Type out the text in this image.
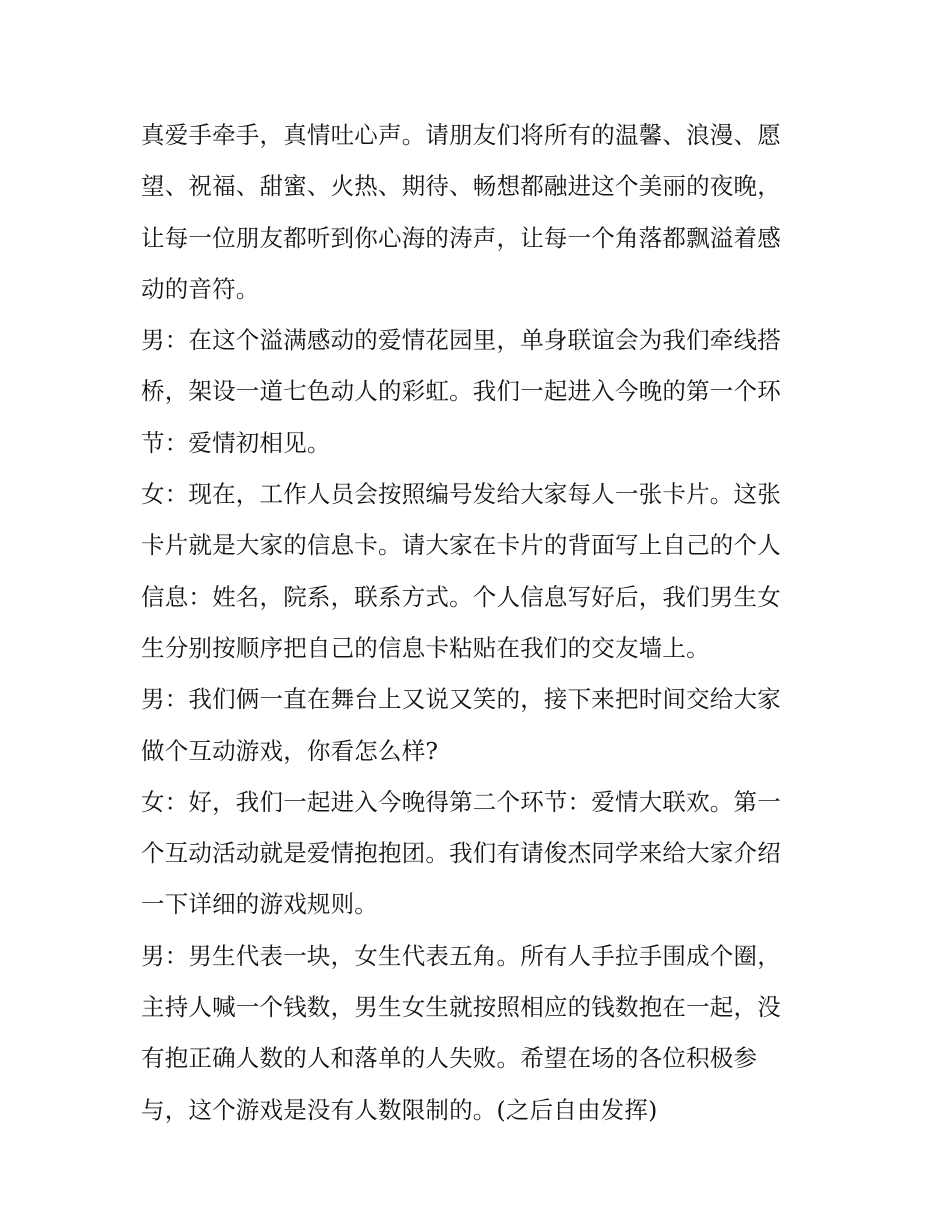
真爱手牵手，真情吐心声。请朋友们将所有的温馨、浪漫、愿
望、祝福、甜蜜、火热、期待、畅想都融进这个美丽的夜晚，
让每一位朋友都听到你心海的涛声，让每一个角落都飘溢着感
动的音符。
男：在这个溢满感动的爱情花园里，单身联谊会为我们牵线搭
桥，架设一道七色动人的彩虹。我们一起进入今晚的第一个环
节：爱情初相见。
女：现在，工作人员会按照编号发给大家每人一张卡片。这张
卡片就是大家的信息卡。请大家在卡片的背面写上自己的个人
信息：姓名，院系，联系方式。个人信息写好后，我们男生女
生分别按顺序把自己的信息卡粘贴在我们的交友墙上。
男：我们俩一直在舞台上又说又笑的，接下来把时间交给大家
做个互动游戏，你看怎么样?
女：好，我们一起进入今晚得第二个环节：爱情大联欢。第一
个互动活动就是爱情抱抱团。我们有请俊杰同学来给大家介绍
一下详细的游戏规则。
男：男生代表一块，女生代表五角。所有人手拉手围成个圈，
主持人喊一个钱数，男生女生就按照相应的钱数抱在一起，没
有抱正确人数的人和落单的人失败。希望在场的各位积极参
与，这个游戏是没有人数限制的。(之后自由发挥)
